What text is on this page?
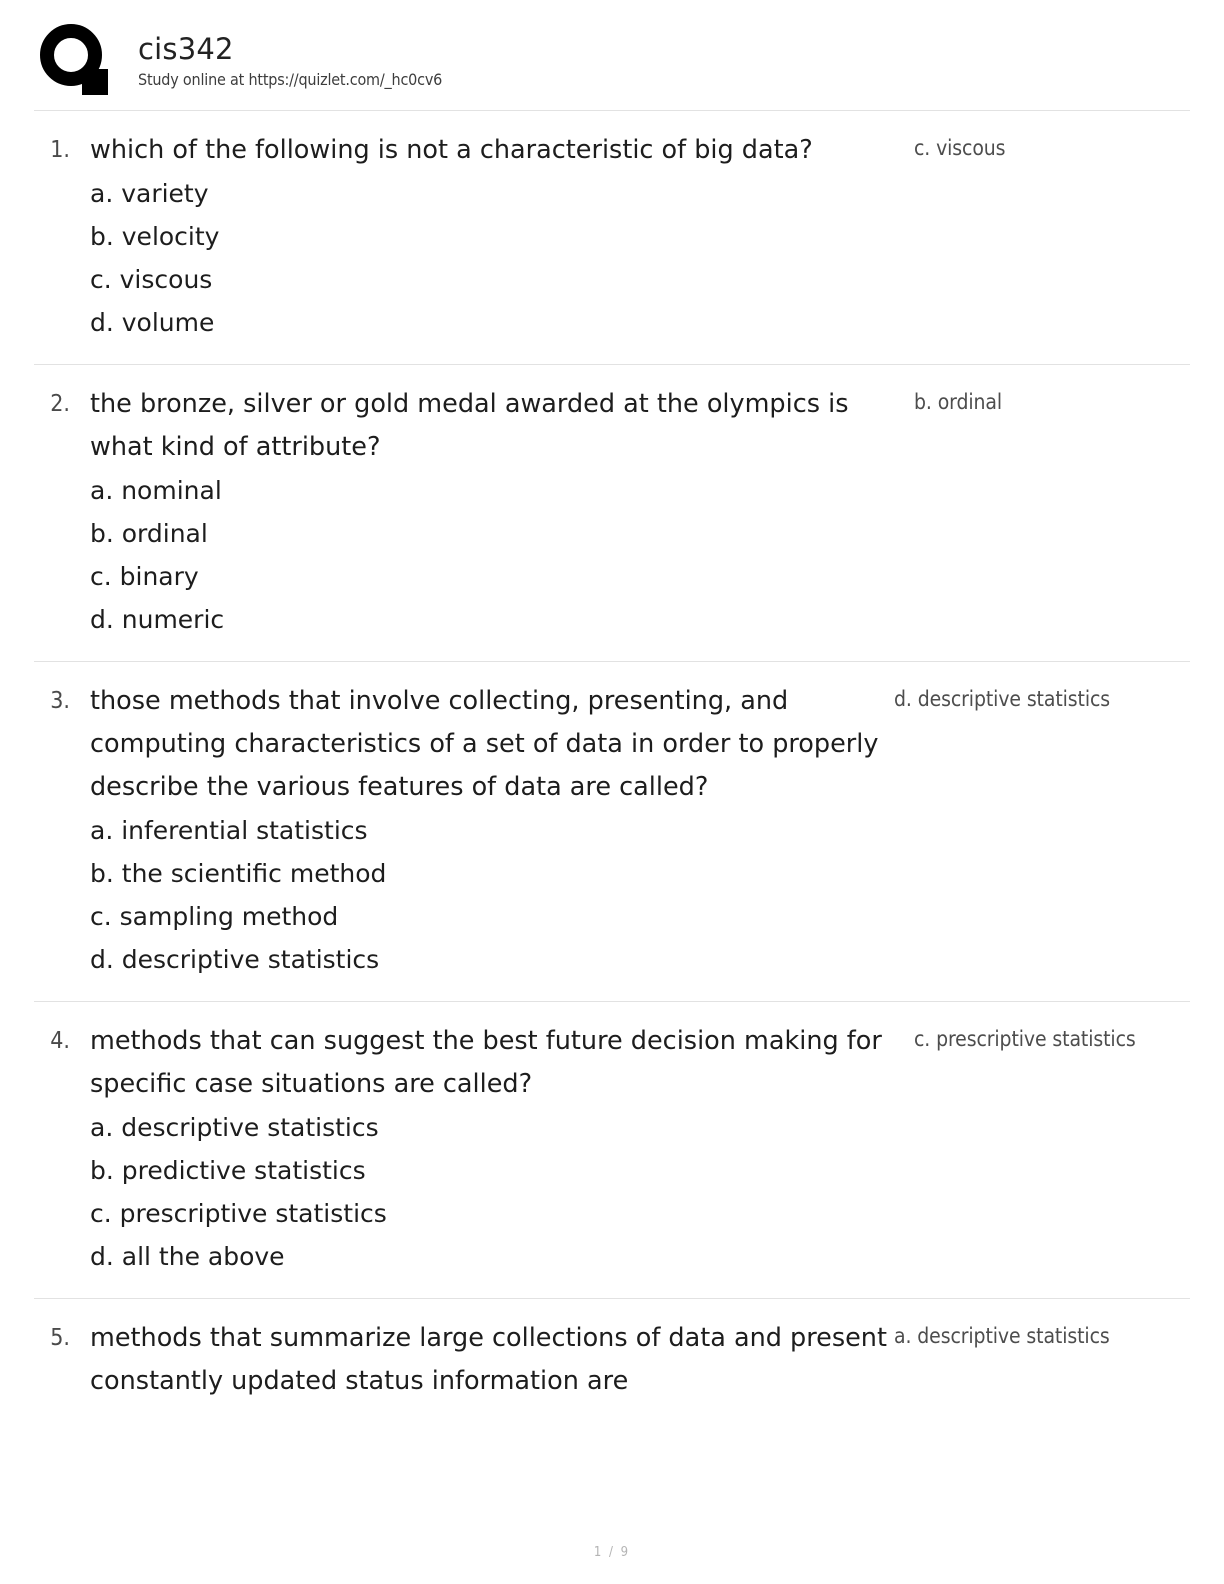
cis342
Study online at https://quizlet.com/_hc0cv6
1. which of the following is not a characteristic of big data?
a. variety
b. velocity
c. viscous
d. volume
c. viscous
2. the bronze, silver or gold medal awarded at the olympics is what kind of attribute?
a. nominal
b. ordinal
c. binary
d. numeric
b. ordinal
3. those methods that involve collecting, presenting, and computing characteristics of a set of data in order to properly describe the various features of data are called?
a. inferential statistics
b. the scientific method
c. sampling method
d. descriptive statistics
d. descriptive statistics
4. methods that can suggest the best future decision making for specific case situations are called?
a. descriptive statistics
b. predictive statistics
c. prescriptive statistics
d. all the above
c. prescriptive statistics
5. methods that summarize large collections of data and present constantly updated status information are
a. descriptive statistics
1 / 9
